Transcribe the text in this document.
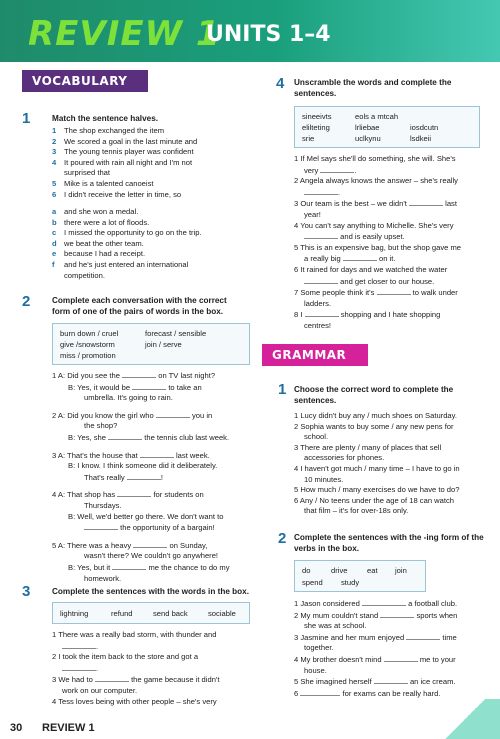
REVIEW 1
UNITS 1–4
VOCABULARY
1	Match the sentence halves.
1 The shop exchanged the item
2 We scored a goal in the last minute and
3 The young tennis player was confident
4 It poured with rain all night and I'm not
surprised that
5 Mike is a talented canoeist
6 I didn't receive the letter in time, so
a and she won a medal.
b there were a lot of floods.
c I missed the opportunity to go on the trip.
d we beat the other team.
e because I had a receipt.
f and he's just entered an international
competition.
2	Complete each conversation with the correct
form of one of the pairs of words in the box.
burn down / cruel	forecast / sensible
give /snowstorm	join / serve
miss / promotion
1 A: Did you see the	on TV last night?
B: Yes, it would be	to take an
umbrella. It's going to rain.
2 A: Did you know the girl who	you in
the shop?
B: Yes, she	the tennis club last week.
3 A: That's the house that	last week.
B: I know. I think someone did it deliberately.
That's really	!
4 A: That shop has	for students on
Thursdays.
B: Well, we'd better go there. We don't want to
the opportunity of a bargain!
5 A: There was a heavy	on Sunday,
wasn't there? We couldn't go anywhere!
B: Yes, but it	me the chance to do my
homework.
3	Complete the sentences with the words in the box.
lightning	refund	send back	sociable
1 There was a really bad storm, with thunder and
.
2 I took the item back to the store and got a
.
3 We had to	the game because it didn't
work on our computer.
4 Tess loves being with other people – she's very
4 Unscramble the words and complete the
sentences.
sineeivts	eols a mtcah
elilteting	lrliebae	iosdcutn
srie	uclkynu	lsdkeii
1 If Mel says she'll do something, she will. She's
very	.
2 Angela always knows the answer – she's really
.
3 Our team is the best – we didn't	last
year!
4 You can't say anything to Michelle. She's very
and is easily upset.
5 This is an expensive bag, but the shop gave me
a really big	on it.
6 It rained for days and we watched the water
and get closer to our house.
7 Some people think it's	to walk under
ladders.
8 I	shopping and I hate shopping
centres!
GRAMMAR
1 Choose the correct word to complete the
sentences.
1 Lucy didn't buy any / much shoes on Saturday.
2 Sophia wants to buy some / any new pens for
school.
3 There are plenty / many of places that sell
accessories for phones.
4 I haven't got much / many time – I have to go in
10 minutes.
5 How much / many exercises do we have to do?
6 Any / No teens under the age of 18 can watch
that film – it's for over-18s only.
2 Complete the sentences with the -ing form of the
verbs in the box.
do	drive	eat join
spend study
1 Jason considered	a football club.
2 My mum couldn't stand	sports when
she was at school.
3 Jasmine and her mum enjoyed	time
together.
4 My brother doesn't mind	me to your
house.
5 She imagined herself	an ice cream.
6	for exams can be really hard.
30 REVIEW 1
